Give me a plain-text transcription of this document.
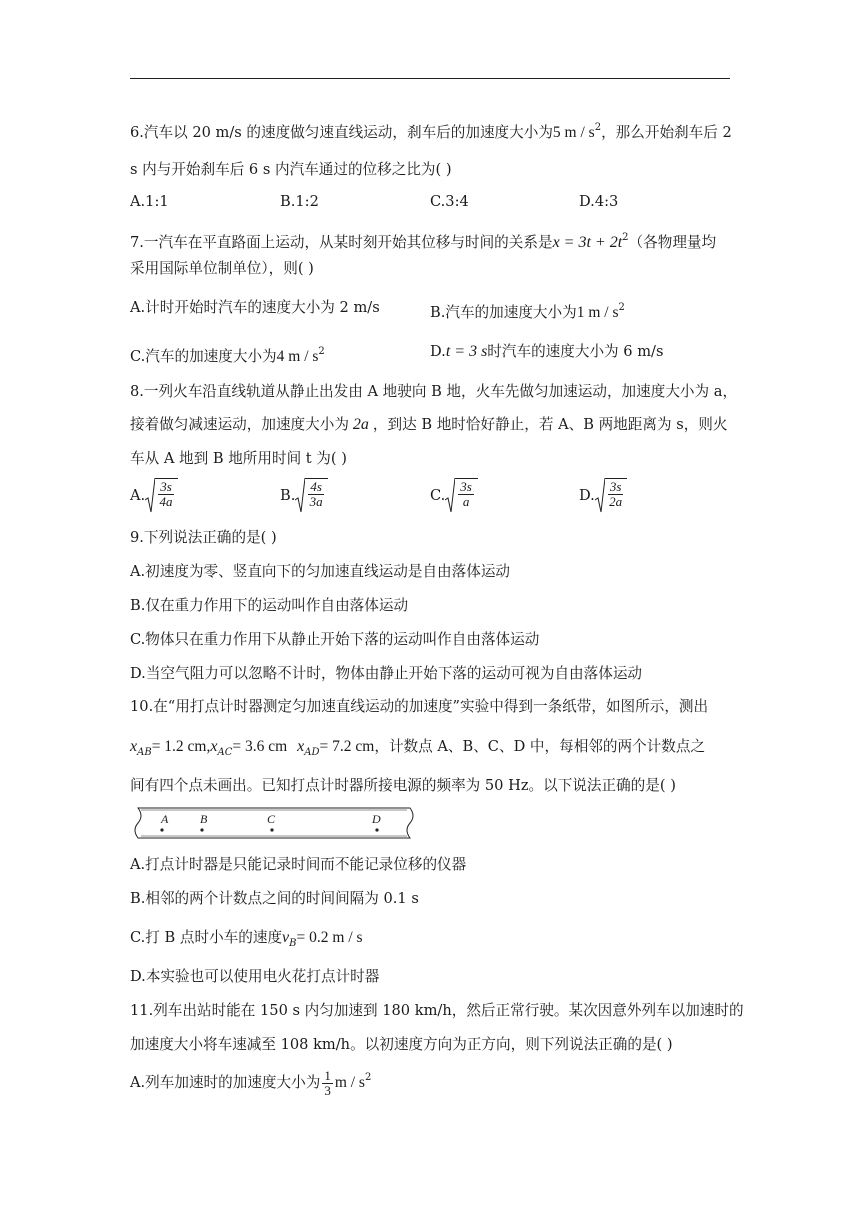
6.汽车以 20 m/s 的速度做匀速直线运动，刹车后的加速度大小为5 m / $s^2$，那么开始刹车后 2
s 内与开始刹车后 6 s 内汽车通过的位移之比为( )
A.1:1	B.1:2	C.3:4	D.4:3
7.一汽车在平直路面上运动，从某时刻开始其位移与时间的关系是$x = 3t + 2t^2$（各物理量均
采用国际单位制单位），则( )
A.计时开始时汽车的速度大小为 2 m/s	B.汽车的加速度大小为1 m / $s^2$
C.汽车的加速度大小为4 m / $s^2$	D.t = 3 s时汽车的速度大小为 6 m/s
8.一列火车沿直线轨道从静止出发由 A 地驶向 B 地，火车先做匀加速运动，加速度大小为 a，
接着做匀减速运动，加速度大小为 2a ，到达 B 地时恰好静止，若 A、B 两地距离为 s，则火
车从 A 地到 B 地所用时间 t 为( )
A. $\frac{3s}{4a}$	B. $\frac{4s}{3a}$	C. $\frac{3s}{a}$	D. $\frac{3s}{2a}$
9.下列说法正确的是( )
A.初速度为零、竖直向下的匀加速直线运动是自由落体运动
B.仅在重力作用下的运动叫作自由落体运动
C.物体只在重力作用下从静止开始下落的运动叫作自由落体运动
D.当空气阻力可以忽略不计时，物体由静止开始下落的运动可视为自由落体运动
10.在“用打点计时器测定匀加速直线运动的加速度”实验中得到一条纸带，如图所示，测出
$x_{AB}= 1.2$ $cm,x_{AC}= 3.6$ cm $x_{AD}= 7.2$ cm，计数点 A、B、C、D 中，每相邻的两个计数点之
间有四个点未画出。已知打点计时器所接电源的频率为 50 Hz。以下说法正确的是( )
A	B	C	D
A.打点计时器是只能记录时间而不能记录位移的仪器
B.相邻的两个计数点之间的时间间隔为 0.1 s
C.打 B 点时小车的速度$v_B= 0.2$ m / s
D.本实验也可以使用电火花打点计时器
11.列车出站时能在 150 s 内匀加速到 180 km/h，然后正常行驶。某次因意外列车以加速时的
加速度大小将车速减至 108 km/h。以初速度方向为正方向，则下列说法正确的是( )
A.列车加速时的加速度大小为 $\frac{1}{3}$ m / $s^2$
